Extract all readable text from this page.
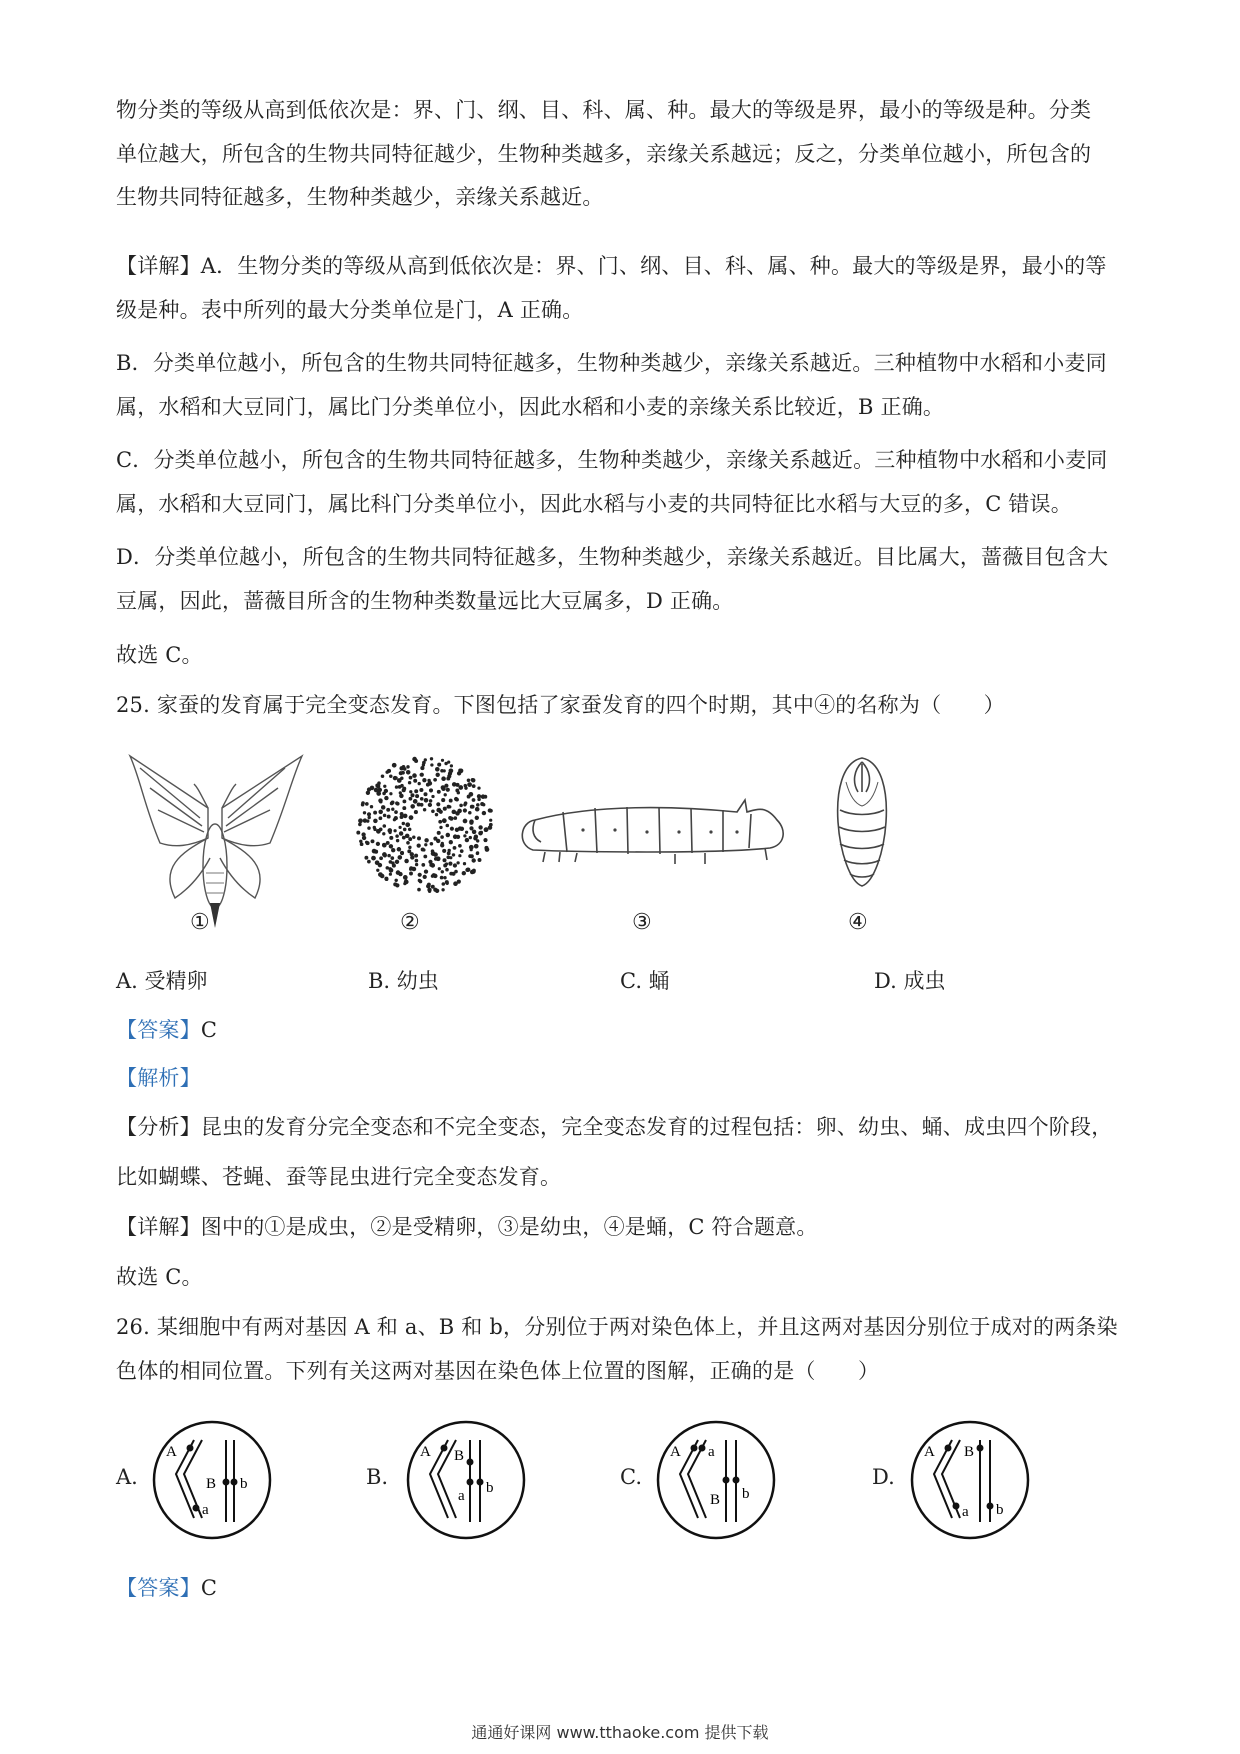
物分类的等级从高到低依次是：界、门、纲、目、科、属、种。最大的等级是界，最小的等级是种。分类
单位越大，所包含的生物共同特征越少，生物种类越多，亲缘关系越远；反之，分类单位越小，所包含的
生物共同特征越多，生物种类越少，亲缘关系越近。
【详解】A．生物分类的等级从高到低依次是：界、门、纲、目、科、属、种。最大的等级是界，最小的等
级是种。表中所列的最大分类单位是门，A 正确。
B．分类单位越小，所包含的生物共同特征越多，生物种类越少，亲缘关系越近。三种植物中水稻和小麦同
属，水稻和大豆同门，属比门分类单位小，因此水稻和小麦的亲缘关系比较近，B 正确。
C．分类单位越小，所包含的生物共同特征越多，生物种类越少，亲缘关系越近。三种植物中水稻和小麦同
属，水稻和大豆同门，属比科门分类单位小，因此水稻与小麦的共同特征比水稻与大豆的多，C 错误。
D．分类单位越小，所包含的生物共同特征越多，生物种类越少，亲缘关系越近。目比属大，蔷薇目包含大
豆属，因此，蔷薇目所含的生物种类数量远比大豆属多，D 正确。
故选 C。
25. 家蚕的发育属于完全变态发育。下图包括了家蚕发育的四个时期，其中④的名称为（　　）
①	②	③	④
A. 受精卵	B. 幼虫	C. 蛹	D. 成虫
【答案】C
【解析】
【分析】昆虫的发育分完全变态和不完全变态，完全变态发育的过程包括：卵、幼虫、蛹、成虫四个阶段，
比如蝴蝶、苍蝇、蚕等昆虫进行完全变态发育。
【详解】图中的①是成虫，②是受精卵，③是幼虫，④是蛹，C 符合题意。
故选 C。
26. 某细胞中有两对基因 A 和 a、B 和 b，分别位于两对染色体上，并且这两对基因分别位于成对的两条染
色体的相同位置。下列有关这两对基因在染色体上位置的图解，正确的是（　　）
A.	B.	C.	D.
A
a
B b
A B
a b
A a
B b
A B
a b
【答案】C
通通好课网 www.tthaoke.com 提供下载
